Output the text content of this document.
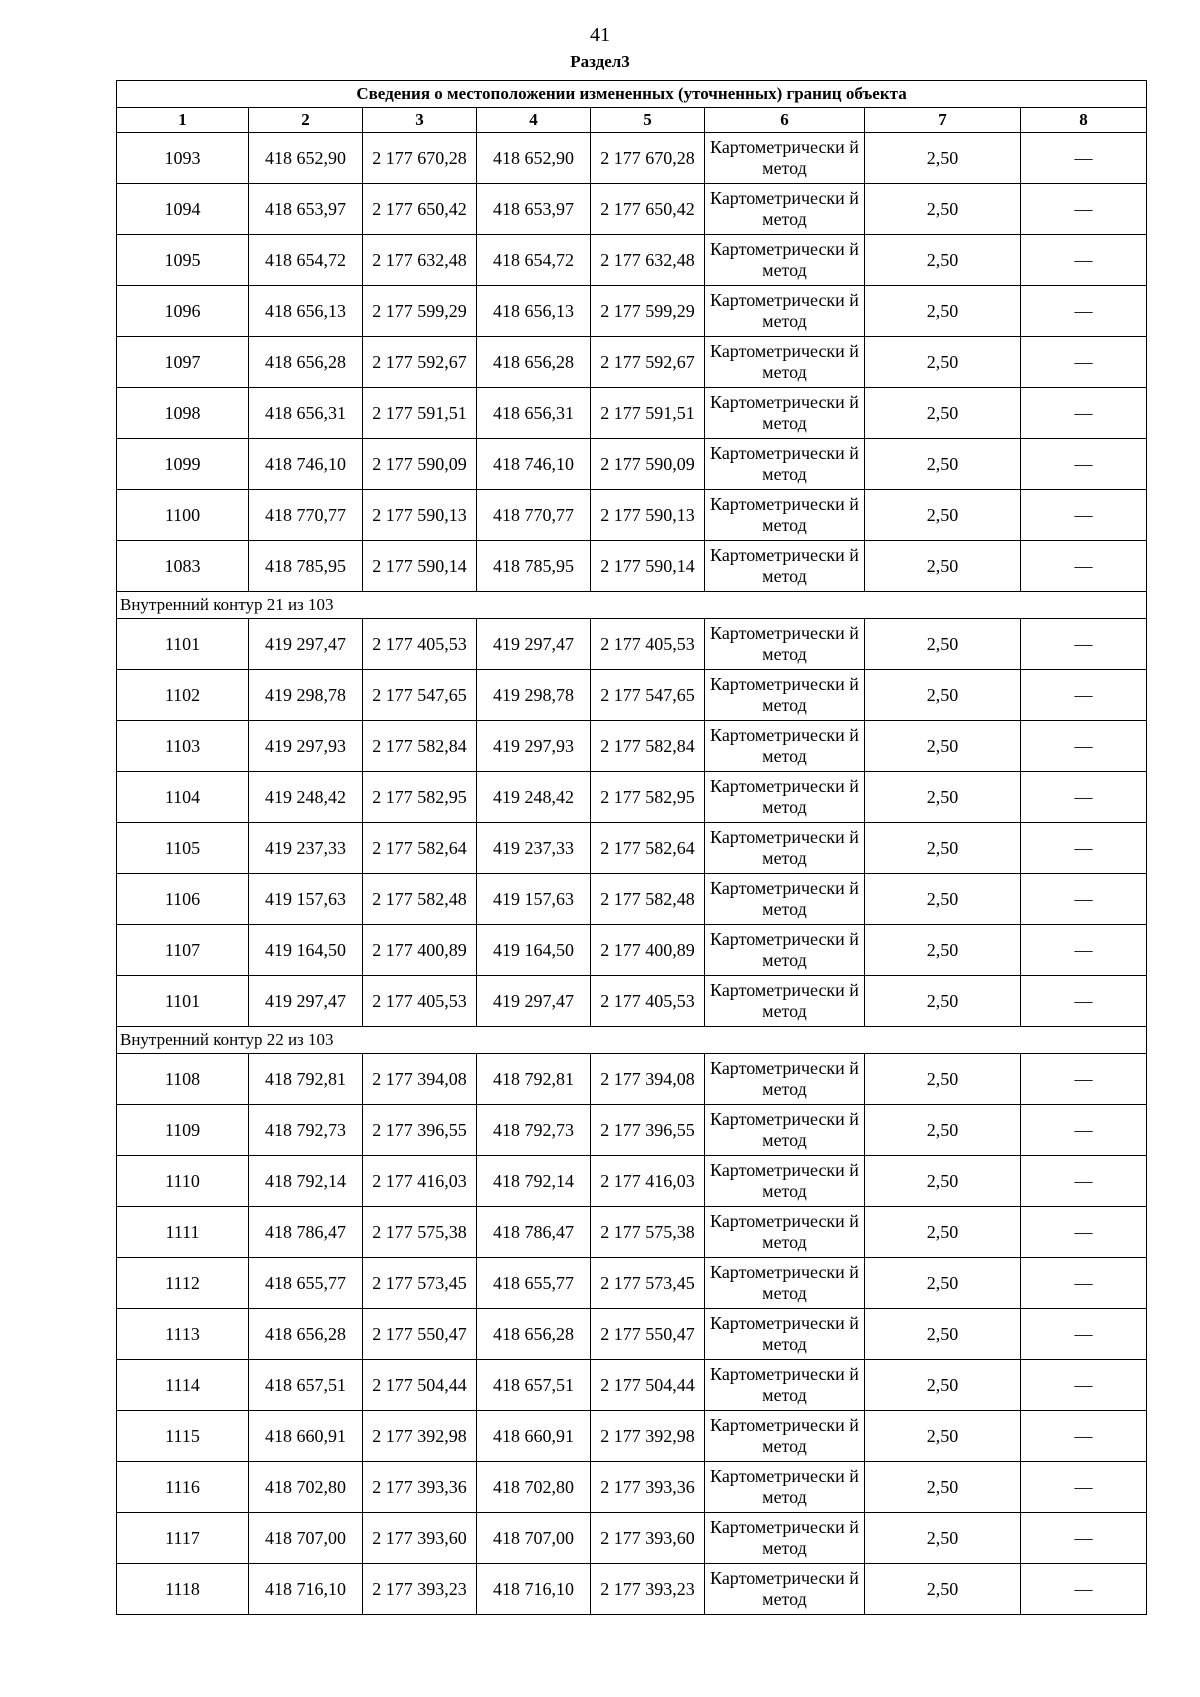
41
Раздел3
Сведения о местоположении измененных (уточненных) границ объекта							
1	2	3	4	5	6	7	8
1093	418 652,90	2 177 670,28	418 652,90	2 177 670,28	Картометрически й метод	2,50	—
1094	418 653,97	2 177 650,42	418 653,97	2 177 650,42	Картометрически й метод	2,50	—
1095	418 654,72	2 177 632,48	418 654,72	2 177 632,48	Картометрически й метод	2,50	—
1096	418 656,13	2 177 599,29	418 656,13	2 177 599,29	Картометрически й метод	2,50	—
1097	418 656,28	2 177 592,67	418 656,28	2 177 592,67	Картометрически й метод	2,50	—
1098	418 656,31	2 177 591,51	418 656,31	2 177 591,51	Картометрически й метод	2,50	—
1099	418 746,10	2 177 590,09	418 746,10	2 177 590,09	Картометрически й метод	2,50	—
1100	418 770,77	2 177 590,13	418 770,77	2 177 590,13	Картометрически й метод	2,50	—
1083	418 785,95	2 177 590,14	418 785,95	2 177 590,14	Картометрически й метод	2,50	—
Внутренний контур 21 из 103							
1101	419 297,47	2 177 405,53	419 297,47	2 177 405,53	Картометрически й метод	2,50	—
1102	419 298,78	2 177 547,65	419 298,78	2 177 547,65	Картометрически й метод	2,50	—
1103	419 297,93	2 177 582,84	419 297,93	2 177 582,84	Картометрически й метод	2,50	—
1104	419 248,42	2 177 582,95	419 248,42	2 177 582,95	Картометрически й метод	2,50	—
1105	419 237,33	2 177 582,64	419 237,33	2 177 582,64	Картометрически й метод	2,50	—
1106	419 157,63	2 177 582,48	419 157,63	2 177 582,48	Картометрически й метод	2,50	—
1107	419 164,50	2 177 400,89	419 164,50	2 177 400,89	Картометрически й метод	2,50	—
1101	419 297,47	2 177 405,53	419 297,47	2 177 405,53	Картометрически й метод	2,50	—
Внутренний контур 22 из 103							
1108	418 792,81	2 177 394,08	418 792,81	2 177 394,08	Картометрически й метод	2,50	—
1109	418 792,73	2 177 396,55	418 792,73	2 177 396,55	Картометрически й метод	2,50	—
1110	418 792,14	2 177 416,03	418 792,14	2 177 416,03	Картометрически й метод	2,50	—
1111	418 786,47	2 177 575,38	418 786,47	2 177 575,38	Картометрически й метод	2,50	—
1112	418 655,77	2 177 573,45	418 655,77	2 177 573,45	Картометрически й метод	2,50	—
1113	418 656,28	2 177 550,47	418 656,28	2 177 550,47	Картометрически й метод	2,50	—
1114	418 657,51	2 177 504,44	418 657,51	2 177 504,44	Картометрически й метод	2,50	—
1115	418 660,91	2 177 392,98	418 660,91	2 177 392,98	Картометрически й метод	2,50	—
1116	418 702,80	2 177 393,36	418 702,80	2 177 393,36	Картометрически й метод	2,50	—
1117	418 707,00	2 177 393,60	418 707,00	2 177 393,60	Картометрически й метод	2,50	—
1118	418 716,10	2 177 393,23	418 716,10	2 177 393,23	Картометрически й метод	2,50	—
